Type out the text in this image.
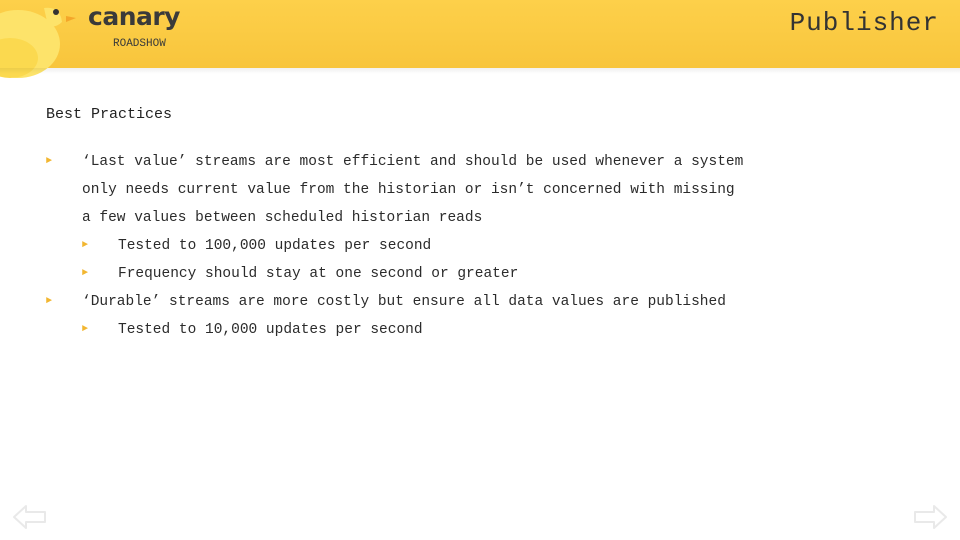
canary
ROADSHOW
Publisher
Best Practices
► ‘Last value’ streams are most efficient and should be used whenever a system
only needs current value from the historian or isn’t concerned with missing
a few values between scheduled historian reads
► Tested to 100,000 updates per second
► Frequency should stay at one second or greater
► ‘Durable’ streams are more costly but ensure all data values are published
► Tested to 10,000 updates per second
